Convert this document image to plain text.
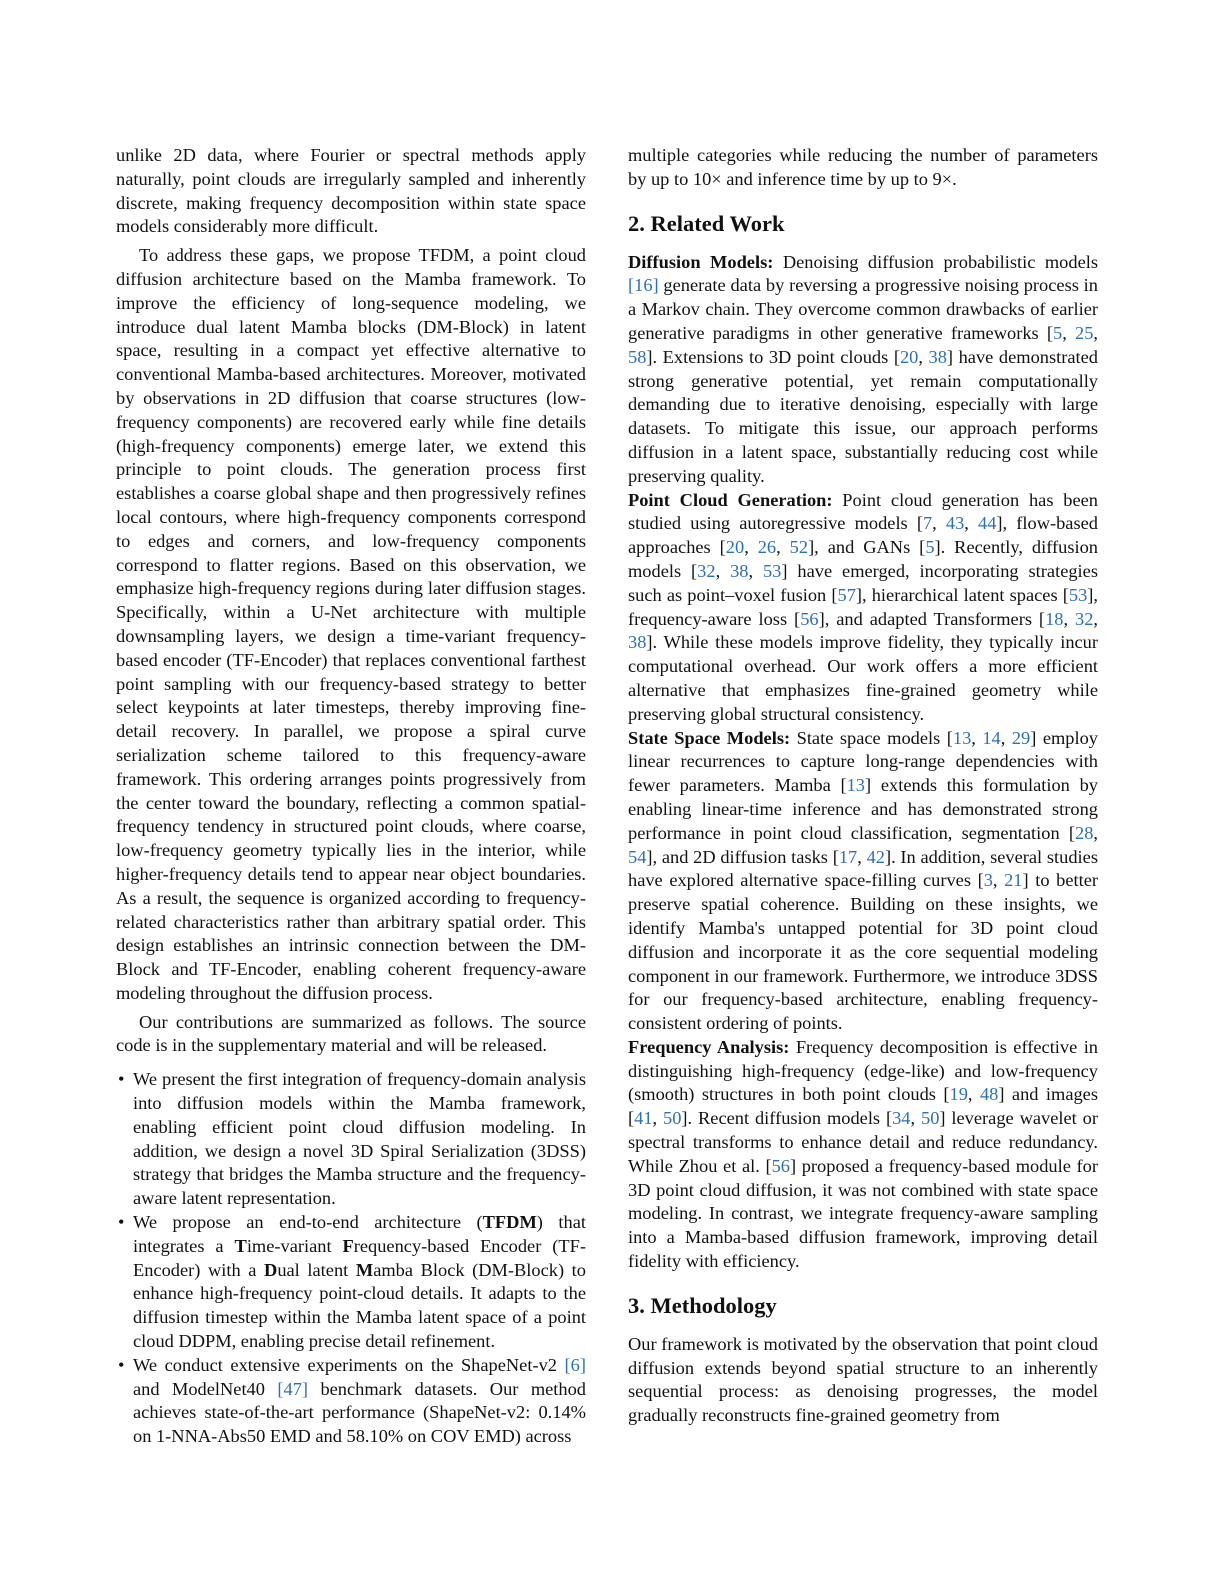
unlike 2D data, where Fourier or spectral methods apply naturally, point clouds are irregularly sampled and inherently discrete, making frequency decomposition within state space models considerably more difficult.

To address these gaps, we propose TFDM, a point cloud diffusion architecture based on the Mamba framework. To improve the efficiency of long-sequence modeling, we introduce dual latent Mamba blocks (DM-Block) in latent space, resulting in a compact yet effective alternative to conventional Mamba-based architectures. Moreover, motivated by observations in 2D diffusion that coarse structures (low-frequency components) are recovered early while fine details (high-frequency components) emerge later, we extend this principle to point clouds. The generation process first establishes a coarse global shape and then progressively refines local contours, where high-frequency components correspond to edges and corners, and low-frequency components correspond to flatter regions. Based on this observation, we emphasize high-frequency regions during later diffusion stages. Specifically, within a U-Net architecture with multiple downsampling layers, we design a time-variant frequency-based encoder (TF-Encoder) that replaces conventional farthest point sampling with our frequency-based strategy to better select keypoints at later timesteps, thereby improving fine-detail recovery. In parallel, we propose a spiral curve serialization scheme tailored to this frequency-aware framework. This ordering arranges points progressively from the center toward the boundary, reflecting a common spatial-frequency tendency in structured point clouds, where coarse, low-frequency geometry typically lies in the interior, while higher-frequency details tend to appear near object boundaries. As a result, the sequence is organized according to frequency-related characteristics rather than arbitrary spatial order. This design establishes an intrinsic connection between the DM-Block and TF-Encoder, enabling coherent frequency-aware modeling throughout the diffusion process.

Our contributions are summarized as follows. The source code is in the supplementary material and will be released.

• We present the first integration of frequency-domain analysis into diffusion models within the Mamba framework, enabling efficient point cloud diffusion modeling. In addition, we design a novel 3D Spiral Serialization (3DSS) strategy that bridges the Mamba structure and the frequency-aware latent representation.
• We propose an end-to-end architecture (TFDM) that integrates a Time-variant Frequency-based Encoder (TF-Encoder) with a Dual latent Mamba Block (DM-Block) to enhance high-frequency point-cloud details. It adapts to the diffusion timestep within the Mamba latent space of a point cloud DDPM, enabling precise detail refinement.
• We conduct extensive experiments on the ShapeNet-v2 [6] and ModelNet40 [47] benchmark datasets. Our method achieves state-of-the-art performance (ShapeNet-v2: 0.14% on 1-NNA-Abs50 EMD and 58.10% on COV EMD) across

multiple categories while reducing the number of parameters by up to 10× and inference time by up to 9×.

2. Related Work

Diffusion Models: Denoising diffusion probabilistic models [16] generate data by reversing a progressive noising process in a Markov chain. They overcome common drawbacks of earlier generative paradigms in other generative frameworks [5, 25, 58]. Extensions to 3D point clouds [20, 38] have demonstrated strong generative potential, yet remain computationally demanding due to iterative denoising, especially with large datasets. To mitigate this issue, our approach performs diffusion in a latent space, substantially reducing cost while preserving quality.

Point Cloud Generation: Point cloud generation has been studied using autoregressive models [7, 43, 44], flow-based approaches [20, 26, 52], and GANs [5]. Recently, diffusion models [32, 38, 53] have emerged, incorporating strategies such as point–voxel fusion [57], hierarchical latent spaces [53], frequency-aware loss [56], and adapted Transformers [18, 32, 38]. While these models improve fidelity, they typically incur computational overhead. Our work offers a more efficient alternative that emphasizes fine-grained geometry while preserving global structural consistency.

State Space Models: State space models [13, 14, 29] employ linear recurrences to capture long-range dependencies with fewer parameters. Mamba [13] extends this formulation by enabling linear-time inference and has demonstrated strong performance in point cloud classification, segmentation [28, 54], and 2D diffusion tasks [17, 42]. In addition, several studies have explored alternative space-filling curves [3, 21] to better preserve spatial coherence. Building on these insights, we identify Mamba's untapped potential for 3D point cloud diffusion and incorporate it as the core sequential modeling component in our framework. Furthermore, we introduce 3DSS for our frequency-based architecture, enabling frequency-consistent ordering of points.

Frequency Analysis: Frequency decomposition is effective in distinguishing high-frequency (edge-like) and low-frequency (smooth) structures in both point clouds [19, 48] and images [41, 50]. Recent diffusion models [34, 50] leverage wavelet or spectral transforms to enhance detail and reduce redundancy. While Zhou et al. [56] proposed a frequency-based module for 3D point cloud diffusion, it was not combined with state space modeling. In contrast, we integrate frequency-aware sampling into a Mamba-based diffusion framework, improving detail fidelity with efficiency.

3. Methodology

Our framework is motivated by the observation that point cloud diffusion extends beyond spatial structure to an inherently sequential process: as denoising progresses, the model gradually reconstructs fine-grained geometry from
